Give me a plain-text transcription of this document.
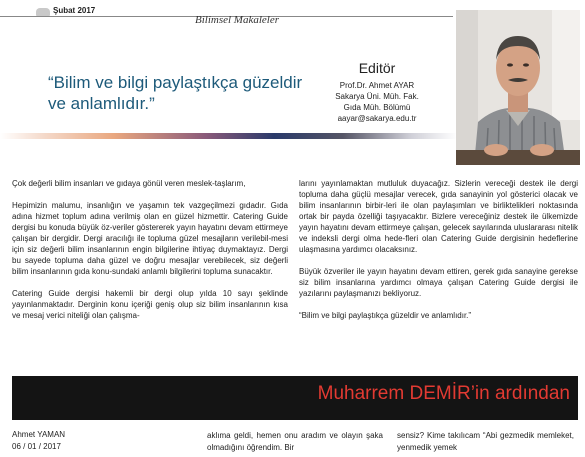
Şubat 2017
Bilimsel Makaleler
“Bilim ve bilgi paylaştıkça güzeldir ve anlamlıdır.”
Editör
Prof.Dr. Ahmet AYAR
Sakarya Üni. Müh. Fak.
Gıda Müh. Bölümü
aayar@sakarya.edu.tr

Çok değerli bilim insanları ve gıdaya gönül veren meslek-taşlarım,

Hepimizin malumu, insanlığın ve yaşamın tek vazgeçilmezi gıdadır. Gıda adına hizmet toplum adına verilmiş olan en güzel hizmettir. Catering Guide dergisi bu konuda büyük öz-veriler göstererek yayın hayatını devam ettirmeye çalışan bir dergidir. Dergi aracılığı ile topluma güzel mesajların verilebil-mesi için siz değerli bilim insanlarının engin bilgilerine ihtiyaç duymaktayız. Dergi bu sayede topluma daha güzel ve doğru mesajlar verebilecek, siz değerli bilim insanlarının gıda konu-sundaki anlamlı bilgilerini topluma sunacaktır.

Catering Guide dergisi hakemli bir dergi olup yılda 10 sayı şeklinde yayınlanmaktadır. Derginin konu içeriği geniş olup siz bilim insanlarının kısa ve mesaj verici niteliği olan çalışma-

larını yayınlamaktan mutluluk duyacağız. Sizlerin vereceği destek ile dergi topluma daha güçlü mesajlar verecek, gıda sanayinin yol gösterici olacak ve bilim insanlarının birbir-leri ile olan paylaşımları ve birliktelikleri noktasında ortak bir payda özelliği taşıyacaktır. Bizlere vereceğiniz destek ile ülkemizde yayın hayatını devam ettirmeye çalışan, gelecek sayılarında uluslararası nitelik ve indeksli dergi olma hede-fleri olan Catering Guide dergisinin hedeflerine ulaşmasına yardımcı olacaksınız.

Büyük özveriler ile yayın hayatını devam ettiren, gerek gıda sanayine gerekse siz bilim insanlarına yardımcı olmaya çalışan Catering Guide dergisi ile yazılarını paylaşmanızı bekliyoruz.

“Bilim ve bilgi paylaştıkça güzeldir ve anlamlıdır.”

Muharrem DEMİR’in ardından
Ahmet YAMAN
06 / 01 / 2017
aklıma geldi, hemen onu aradım ve olayın şaka olmadığını öğrendim. Bir
sensiz? Kime takılıcam “Abi gezmedik memleket, yenmedik yemek
